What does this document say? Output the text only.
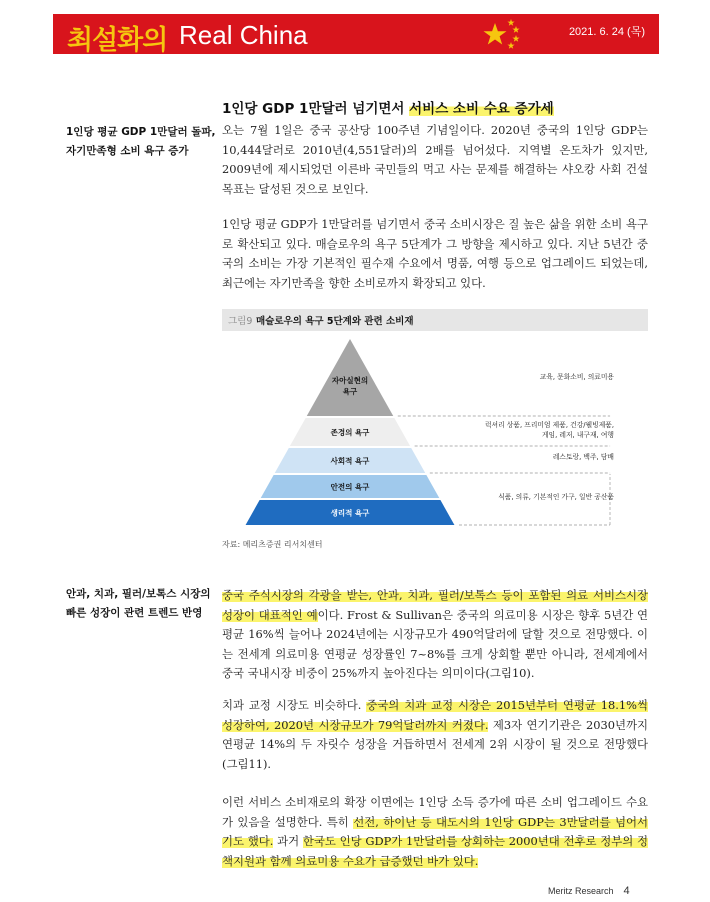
최설화의 Real China	2021. 6. 24 (목)
1인당 GDP 1만달러 넘기면서 서비스 소비 수요 증가세
1인당 평균 GDP 1만달러 돌파,
자기만족형 소비 욕구 증가
오는 7월 1일은 중국 공산당 100주년 기념일이다. 2020년 중국의 1인당 GDP는 10,444달러로 2010년(4,551달러)의 2배를 넘어섰다. 지역별 온도차가 있지만, 2009년에 제시되었던 이른바 국민들의 먹고 사는 문제를 해결하는 샤오캉 사회 건설 목표는 달성된 것으로 보인다.
1인당 평균 GDP가 1만달러를 넘기면서 중국 소비시장은 질 높은 삶을 위한 소비 욕구로 확산되고 있다. 매슬로우의 욕구 5단계가 그 방향을 제시하고 있다. 지난 5년간 중국의 소비는 가장 기본적인 필수재 수요에서 명품, 여행 등으로 업그레이드 되었는데, 최근에는 자기만족을 향한 소비로까지 확장되고 있다.
그림9 매슬로우의 욕구 5단계와 관련 소비재
자아실현의
욕구
존경의 욕구
사회적 욕구
안전의 욕구
생리적 욕구
교육, 문화소비, 의료미용
럭셔리 상품, 프리미엄 제품, 건강/웰빙제품,
게임, 레저, 내구재, 여행
레스토랑, 백주, 담배
식품, 의류, 기본적인 가구, 일반 공산품
자료: 메리츠증권 리서치센터
안과, 치과, 필러/보톡스 시장의
빠른 성장이 관련 트렌드 반영
중국 주식시장의 각광을 받는, 안과, 치과, 필러/보톡스 등이 포함된 의료 서비스시장 성장이 대표적인 예이다. Frost & Sullivan은 중국의 의료미용 시장은 향후 5년간 연평균 16%씩 늘어나 2024년에는 시장규모가 490억달러에 달할 것으로 전망했다. 이는 전세계 의료미용 연평균 성장률인 7~8%를 크게 상회할 뿐만 아니라, 전세계에서 중국 국내시장 비중이 25%까지 높아진다는 의미이다(그림10).
치과 교정 시장도 비슷하다. 중국의 치과 교정 시장은 2015년부터 연평균 18.1%씩 성장하여, 2020년 시장규모가 79억달러까지 커졌다. 제3자 연기기관은 2030년까지 연평균 14%의 두 자릿수 성장을 거듭하면서 전세계 2위 시장이 될 것으로 전망했다(그림11).
이런 서비스 소비재로의 확장 이면에는 1인당 소득 증가에 따른 소비 업그레이드 수요가 있음을 설명한다. 특히 선전, 하이난 등 대도시의 1인당 GDP는 3만달러를 넘어서기도 했다. 과거 한국도 인당 GDP가 1만달러를 상회하는 2000년대 전후로 정부의 정책지원과 함께 의료미용 수요가 급증했던 바가 있다.
Meritz Research 4
